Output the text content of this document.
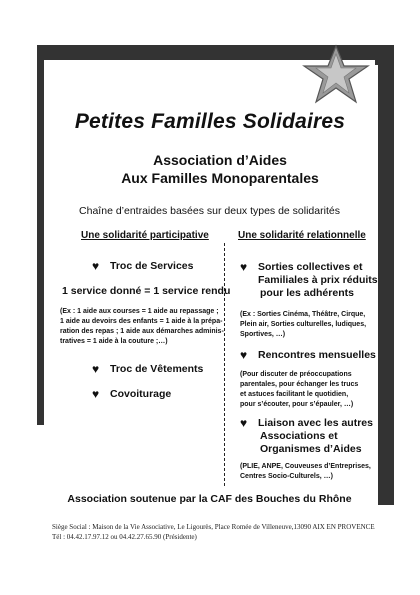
Petites Familles Solidaires
Association d’Aides
Aux Familles Monoparentales
Chaîne d’entraides basées sur deux types de solidarités
Une solidarité participative	Une solidarité relationnelle
♥ Troc de Services
1 service donné = 1 service rendu
(Ex : 1 aide aux courses = 1 aide au repassage ;
1 aide au devoirs des enfants = 1 aide à la prépa-
ration des repas ; 1 aide aux démarches adminis-
tratives = 1 aide à la couture ;…)
♥ Troc de Vêtements
♥ Covoiturage
♥ Sorties collectives et
Familiales à prix réduits
pour les adhérents
(Ex : Sorties Cinéma, Théâtre, Cirque,
Plein air, Sorties culturelles, ludiques,
Sportives, …)
♥ Rencontres mensuelles
(Pour discuter de préoccupations
parentales, pour échanger les trucs
et astuces facilitant le quotidien,
pour s’écouter, pour s’épauler, …)
♥ Liaison avec les autres
Associations et
Organismes d’Aides
(PLIE, ANPE, Couveuses d’Entreprises,
Centres Socio-Culturels, …)
Association soutenue par la CAF des Bouches du Rhône
Siège Social : Maison de la Vie Associative, Le Ligourès, Place Romée de Villeneuve,13090 AIX EN PROVENCE
Tél : 04.42.17.97.12 ou 04.42.27.65.90 (Présidente)
